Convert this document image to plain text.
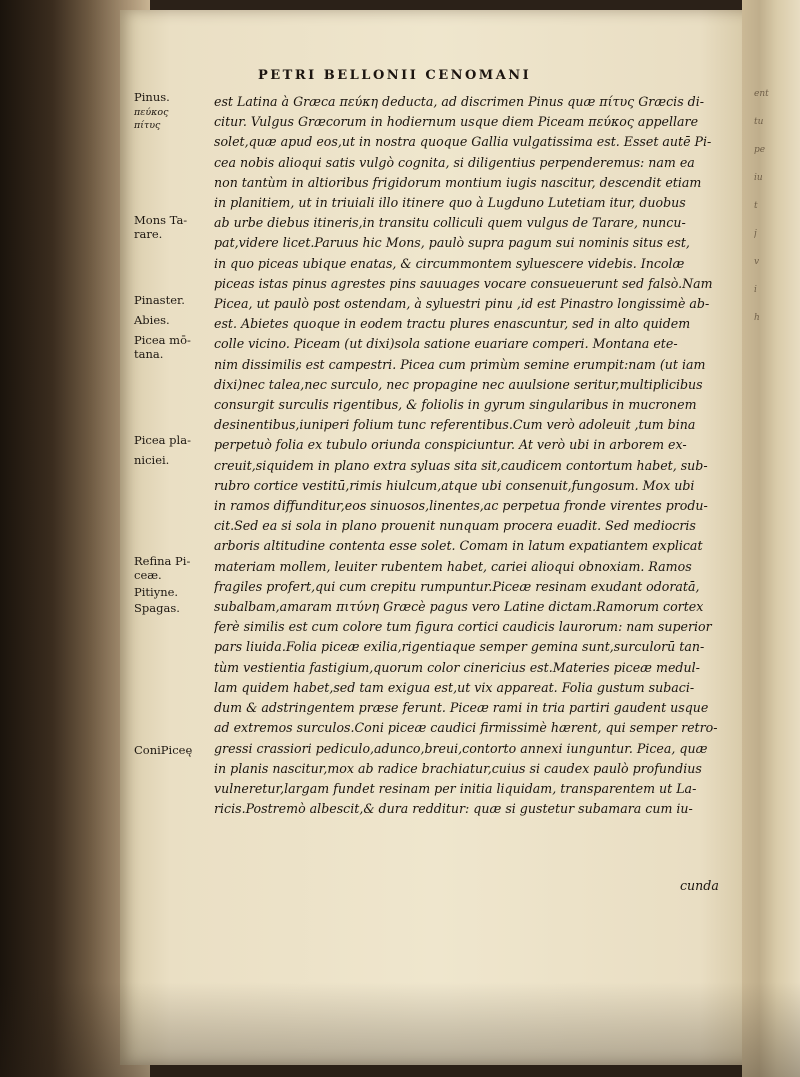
ent
tu
pe
iu
t
j
v
i
h
PETRI BELLONII CENOMANI
Pinus.
πεύκος
πίτυς
Mons Ta-
rare.
Pinaster.
Abies.
Picea mō-
tana.
Picea pla-
niciei.
Refina Pi-
ceæ.
Pitiyne.
Spagas.
ConiPiceę
est Latina à Græca πεύκη deducta, ad discrimen Pinus quæ πίτυς Græcis di-
citur. Vulgus Græcorum in hodiernum usque diem Piceam πεύκος appellare
solet,quæ apud eos,ut in nostra quoque Gallia vulgatissima est. Esset autē Pi-
cea nobis alioqui satis vulgò cognita, si diligentius perpenderemus: nam ea
non tantùm in altioribus frigidorum montium iugis nascitur, descendit etiam
in planitiem, ut in triuiali illo itinere quo à Lugduno Lutetiam itur, duobus
ab urbe diebus itineris,in transitu colliculi quem vulgus de Tarare, nuncu-
pat,videre licet.Paruus hic Mons, paulò supra pagum sui nominis situs est,
in quo piceas ubique enatas, & circummontem syluescere videbis. Incolæ
piceas istas pinus agrestes pins sauuages vocare consueuerunt sed falsò.Nam
Picea, ut paulò post ostendam, à syluestri pinu ,id est Pinastro longissimè ab-
est. Abietes quoque in eodem tractu plures enascuntur, sed in alto quidem
colle vicino. Piceam (ut dixi)sola satione euariare comperi. Montana ete-
nim dissimilis est campestri. Picea cum primùm semine erumpit:nam (ut iam
dixi)nec talea,nec surculo, nec propagine nec auulsione seritur,multiplicibus
consurgit surculis rigentibus, & foliolis in gyrum singularibus in mucronem
desinentibus,iuniperi folium tunc referentibus.Cum verò adoleuit ,tum bina
perpetuò folia ex tubulo oriunda conspiciuntur. At verò ubi in arborem ex-
creuit,siquidem in plano extra syluas sita sit,caudicem contortum habet, sub-
rubro cortice vestitū,rimis hiulcum,atque ubi consenuit,fungosum. Mox ubi
in ramos diffunditur,eos sinuosos,linentes,ac perpetua fronde virentes produ-
cit.Sed ea si sola in plano prouenit nunquam procera euadit. Sed mediocris
arboris altitudine contenta esse solet. Comam in latum expatiantem explicat
materiam mollem, leuiter rubentem habet, cariei alioqui obnoxiam. Ramos
fragiles profert,qui cum crepitu rumpuntur.Piceæ resinam exudant odoratā,
subalbam,amaram πιτύνη Græcè pagus vero Latine dictam.Ramorum cortex
ferè similis est cum colore tum figura cortici caudicis laurorum: nam superior
pars liuida.Folia piceæ exilia,rigentiaque semper gemina sunt,surculorū tan-
tùm vestientia fastigium,quorum color cinericius est.Materies piceæ medul-
lam quidem habet,sed tam exigua est,ut vix appareat. Folia gustum subaci-
dum & adstringentem præse ferunt. Piceæ rami in tria partiri gaudent usque
ad extremos surculos.Coni piceæ caudici firmissimè hærent, qui semper retro-
gressi crassiori pediculo,adunco,breui,contorto annexi iunguntur. Picea, quæ
in planis nascitur,mox ab radice brachiatur,cuius si caudex paulò profundius
vulneretur,largam fundet resinam per initia liquidam, transparentem ut La-
ricis.Postremò albescit,& dura redditur: quæ si gustetur subamara cum iu-
cunda
